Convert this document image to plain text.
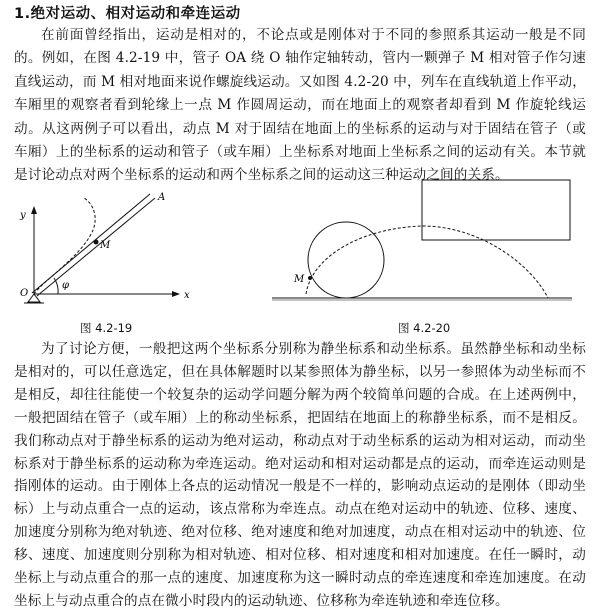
1.绝对运动、相对运动和牵连运动
在前面曾经指出，运动是相对的，不论点或是刚体对于不同的参照系其运动一般是不同的。例如，在图 4.2-19 中，管子 OA 绕 O 轴作定轴转动，管内一颗弹子 M 相对管子作匀速直线运动，而 M 相对地面来说作螺旋线运动。又如图 4.2-20 中，列车在直线轨道上作平动，车厢里的观察者看到轮缘上一点 M 作圆周运动，而在地面上的观察者却看到 M 作旋轮线运动。从这两例子可以看出，动点 M 对于固结在地面上的坐标系的运动与对于固结在管子（或车厢）上的坐标系的运动和管子（或车厢）上坐标系对地面上坐标系之间的运动有关。本节就是讨论动点对两个坐标系的运动和两个坐标系之间的运动这三种运动之间的关系。
y
x
O
A
M
φ
图 4.2-19
M
图 4.2-20
为了讨论方便，一般把这两个坐标系分别称为静坐标系和动坐标系。虽然静坐标和动坐标是相对的，可以任意选定，但在具体解题时以某参照体为静坐标，以另一参照体为动坐标而不是相反，却往往能使一个较复杂的运动学问题分解为两个较简单问题的合成。在上述两例中，一般把固结在管子（或车厢）上的称动坐标系，把固结在地面上的称静坐标系，而不是相反。我们称动点对于静坐标系的运动为绝对运动，称动点对于动坐标系的运动为相对运动，而动坐标系对于静坐标系的运动称为牵连运动。绝对运动和相对运动都是点的运动，而牵连运动则是指刚体的运动。由于刚体上各点的运动情况一般是不一样的，影响动点运动的是刚体（即动坐标）上与动点重合一点的运动，该点常称为牵连点。动点在绝对运动中的轨迹、位移、速度、加速度分别称为绝对轨迹、绝对位移、绝对速度和绝对加速度，动点在相对运动中的轨迹、位移、速度、加速度则分别称为相对轨迹、相对位移、相对速度和相对加速度。在任一瞬时，动坐标上与动点重合的那一点的速度、加速度称为这一瞬时动点的牵连速度和牵连加速度。在动坐标上与动点重合的点在微小时段内的运动轨迹、位移称为牵连轨迹和牵连位移。
